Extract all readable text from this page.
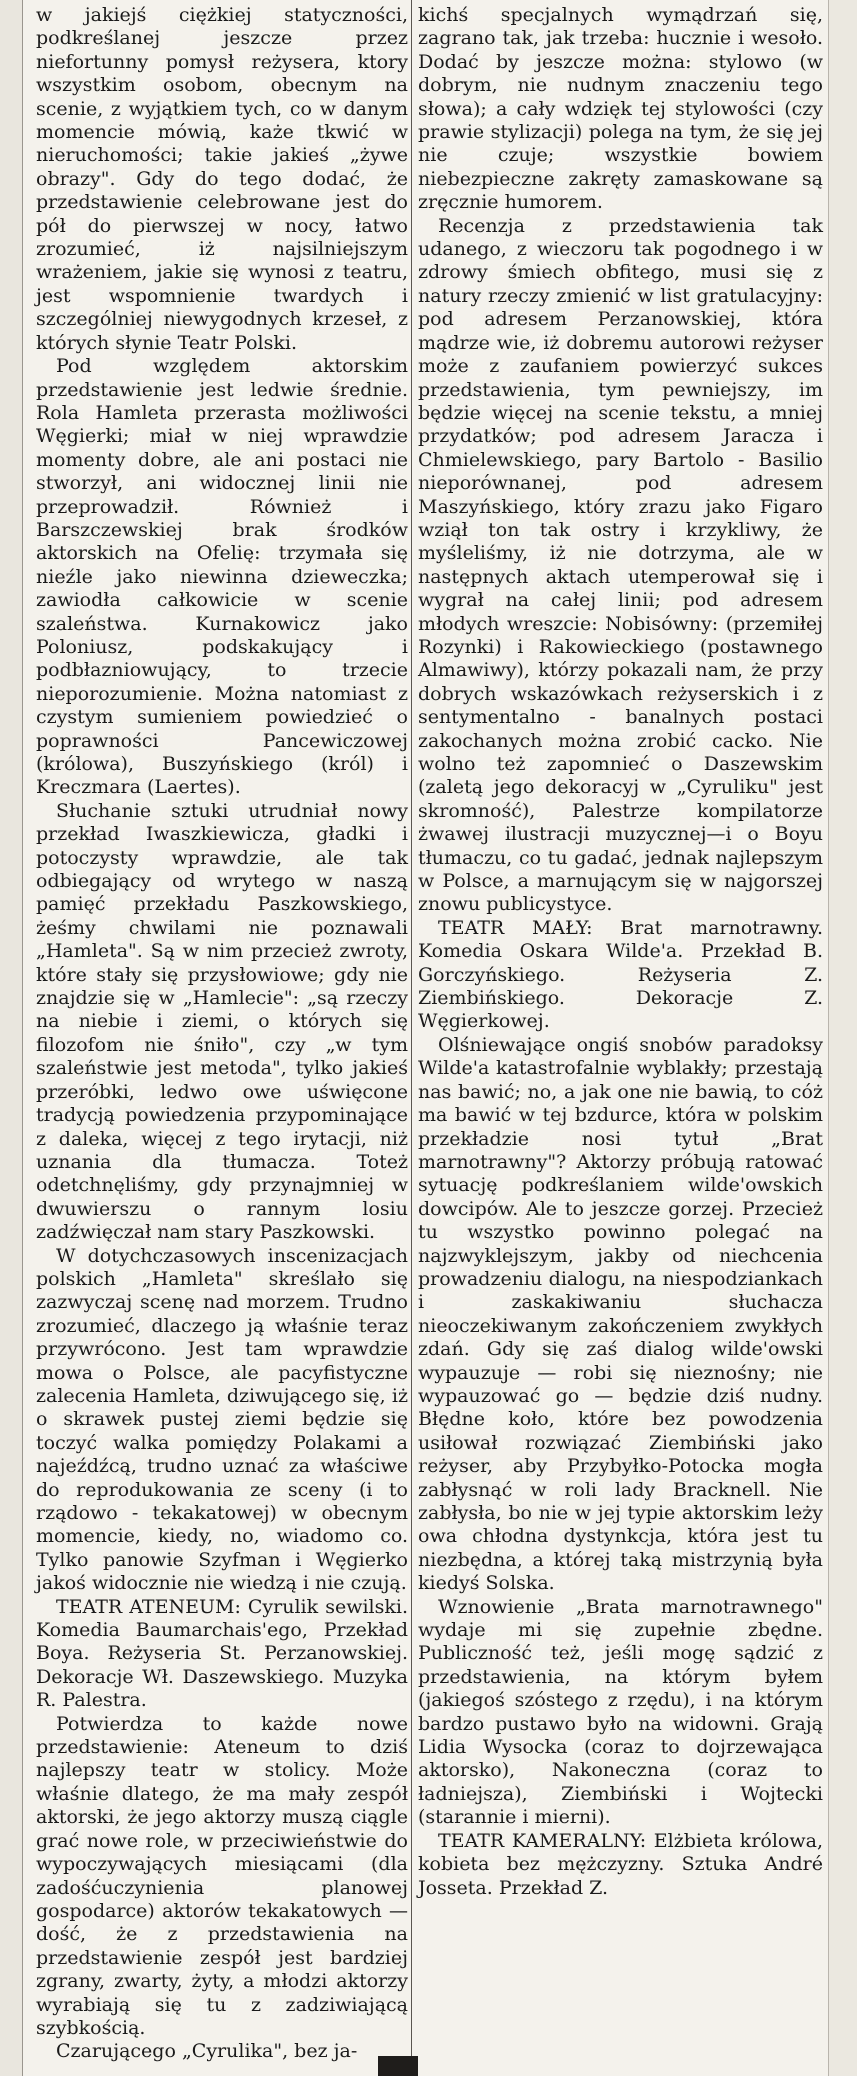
w jakiejś ciężkiej statyczności, podkreślanej jeszcze przez niefortunny pomysł reżysera, ktory wszystkim osobom, obecnym na scenie, z wyjątkiem tych, co w danym momencie mówią, każe tkwić w nieruchomości; takie jakieś „żywe obrazy". Gdy do tego dodać, że przedstawienie celebrowane jest do pół do pierwszej w nocy, łatwo zrozumieć, iż najsilniejszym wrażeniem, jakie się wynosi z teatru, jest wspomnienie twardych i szczególniej niewygodnych krzeseł, z których słynie Teatr Polski.

Pod względem aktorskim przedstawienie jest ledwie średnie. Rola Hamleta przerasta możliwości Węgierki; miał w niej wprawdzie momenty dobre, ale ani postaci nie stworzył, ani widocznej linii nie przeprowadził. Również i Barszczewskiej brak środków aktorskich na Ofelię: trzymała się nieźle jako niewinna dzieweczka; zawiodła całkowicie w scenie szaleństwa. Kurnakowicz jako Poloniusz, podskakujący i podbłazniowujący, to trzecie nieporozumienie. Można natomiast z czystym sumieniem powiedzieć o poprawności Pancewiczowej (królowa), Buszyńskiego (król) i Kreczmara (Laertes).

Słuchanie sztuki utrudniał nowy przekład Iwaszkiewicza, gładki i potoczysty wprawdzie, ale tak odbiegający od wrytego w naszą pamięć przekładu Paszkowskiego, żeśmy chwilami nie poznawali „Hamleta". Są w nim przecież zwroty, które stały się przysłowiowe; gdy nie znajdzie się w „Hamlecie": „są rzeczy na niebie i ziemi, o których się filozofom nie śniło", czy „w tym szaleństwie jest metoda", tylko jakieś przeróbki, ledwo owe uświęcone tradycją powiedzenia przypominające z daleka, więcej z tego irytacji, niż uznania dla tłumacza. Toteż odetchnęliśmy, gdy przynajmniej w dwuwierszu o rannym losiu zadźwięczał nam stary Paszkowski.

W dotychczasowych inscenizacjach polskich „Hamleta" skreślało się zazwyczaj scenę nad morzem. Trudno zrozumieć, dlaczego ją właśnie teraz przywrócono. Jest tam wprawdzie mowa o Polsce, ale pacyfistyczne zalecenia Hamleta, dziwującego się, iż o skrawek pustej ziemi będzie się toczyć walka pomiędzy Polakami a najeźdźcą, trudno uznać za właściwe do reprodukowania ze sceny (i to rządowo - tekakatowej) w obecnym momencie, kiedy, no, wiadomo co. Tylko panowie Szyfman i Węgierko jakoś widocznie nie wiedzą i nie czują.

TEATR ATENEUM: Cyrulik sewilski. Komedia Baumarchais'ego, Przekład Boya. Reżyseria St. Perzanowskiej. Dekoracje Wł. Daszewskiego. Muzyka R. Palestra.

Potwierdza to każde nowe przedstawienie: Ateneum to dziś najlepszy teatr w stolicy. Może właśnie dlatego, że ma mały zespół aktorski, że jego aktorzy muszą ciągle grać nowe role, w przeciwieństwie do wypoczywających miesiącami (dla zadośćuczynienia planowej gospodarce) aktorów tekakatowych — dość, że z przedstawienia na przedstawienie zespół jest bardziej zgrany, zwarty, żyty, a młodzi aktorzy wyrabiają się tu z zadziwiającą szybkością.

Czarującego „Cyrulika", bez ja-

kichś specjalnych wymądrzań się, zagrano tak, jak trzeba: hucznie i wesoło. Dodać by jeszcze można: stylowo (w dobrym, nie nudnym znaczeniu tego słowa); a cały wdzięk tej stylowości (czy prawie stylizacji) polega na tym, że się jej nie czuje; wszystkie bowiem niebezpieczne zakręty zamaskowane są zręcznie humorem.

Recenzja z przedstawienia tak udanego, z wieczoru tak pogodnego i w zdrowy śmiech obfitego, musi się z natury rzeczy zmienić w list gratulacyjny: pod adresem Perzanowskiej, która mądrze wie, iż dobremu autorowi reżyser może z zaufaniem powierzyć sukces przedstawienia, tym pewniejszy, im będzie więcej na scenie tekstu, a mniej przydatków; pod adresem Jaracza i Chmielewskiego, pary Bartolo - Basilio nieporównanej, pod adresem Maszyńskiego, który zrazu jako Figaro wziął ton tak ostry i krzykliwy, że myśleliśmy, iż nie dotrzyma, ale w następnych aktach utemperował się i wygrał na całej linii; pod adresem młodych wreszcie: Nobisówny: (przemiłej Rozynki) i Rakowieckiego (postawnego Almawiwy), którzy pokazali nam, że przy dobrych wskazówkach reżyserskich i z sentymentalno - banalnych postaci zakochanych można zrobić cacko. Nie wolno też zapomnieć o Daszewskim (zaletą jego dekoracyj w „Cyruliku" jest skromność), Palestrze kompilatorze żwawej ilustracji muzycznej—i o Boyu tłumaczu, co tu gadać, jednak najlepszym w Polsce, a marnującym się w najgorszej znowu publicystyce.

TEATR MAŁY: Brat marnotrawny. Komedia Oskara Wilde'a. Przekład B. Gorczyńskiego. Reżyseria Z. Ziembińskiego. Dekoracje Z. Węgierkowej.

Olśniewające ongiś snobów paradoksy Wilde'a katastrofalnie wyblakły; przestają nas bawić; no, a jak one nie bawią, to cóż ma bawić w tej bzdurce, która w polskim przekładzie nosi tytuł „Brat marnotrawny"? Aktorzy próbują ratować sytuację podkreślaniem wilde'owskich dowcipów. Ale to jeszcze gorzej. Przecież tu wszystko powinno polegać na najzwyklejszym, jakby od niechcenia prowadzeniu dialogu, na niespodziankach i zaskakiwaniu słuchacza nieoczekiwanym zakończeniem zwykłych zdań. Gdy się zaś dialog wilde'owski wypauzuje — robi się nieznośny; nie wypauzować go — będzie dziś nudny. Błędne koło, które bez powodzenia usiłował rozwiązać Ziembiński jako reżyser, aby Przybyłko-Potocka mogła zabłysnąć w roli lady Bracknell. Nie zabłysła, bo nie w jej typie aktorskim leży owa chłodna dystynkcja, która jest tu niezbędna, a której taką mistrzynią była kiedyś Solska.

Wznowienie „Brata marnotrawnego" wydaje mi się zupełnie zbędne. Publiczność też, jeśli mogę sądzić z przedstawienia, na którym byłem (jakiegoś szóstego z rzędu), i na którym bardzo pustawo było na widowni. Grają Lidia Wysocka (coraz to dojrzewająca aktorsko), Nakoneczna (coraz to ładniejsza), Ziembiński i Wojtecki (starannie i mierni).

TEATR KAMERALNY: Elżbieta królowa, kobieta bez mężczyzny. Sztuka André Josseta. Przekład Z.
